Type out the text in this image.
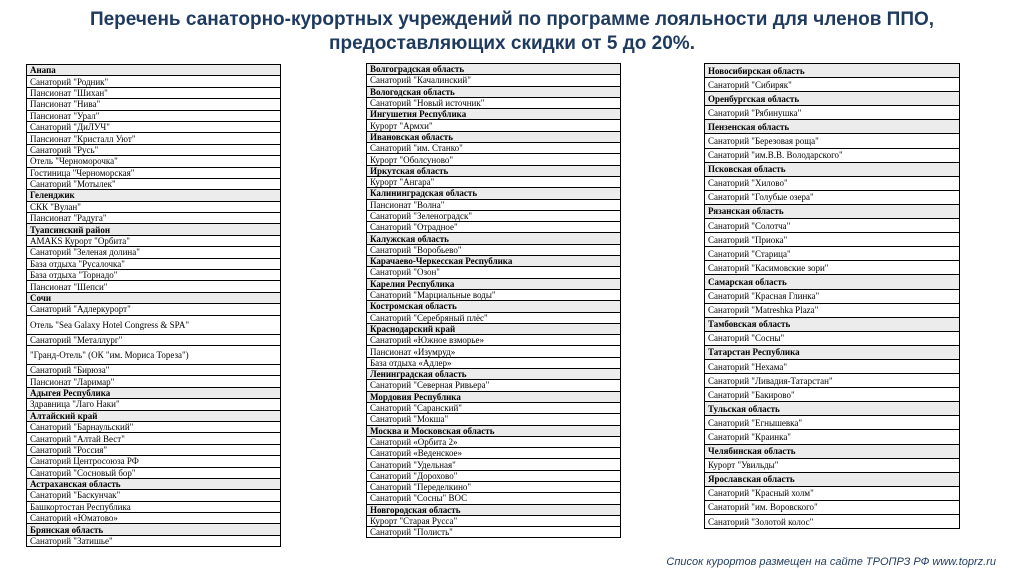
Перечень санаторно-курортных учреждений по программе лояльности для членов ППО,
предоставляющих скидки от 5 до 20%.
Анапа
Санаторий "Родник"
Пансионат "Шихан"
Пансионат "Нива"
Пансионат "Урал"
Санаторий "ДиЛУЧ"
Пансионат "Кристалл Уют"
Санаторий "Русь"
Отель "Черноморочка"
Гостиница "Черноморская"
Санаторий "Мотылек"
Геленджик
СКК "Вулан"
Пансионат "Радуга"
Туапсинский район
AMAKS Курорт "Орбита"
Санаторий "Зеленая долина"
База отдыха "Русалочка"
База отдыха "Торнадо"
Пансионат "Шепси"
Сочи
Санаторий "Адлеркурорт"
Отель "Sea Galaxy Hotel Congress & SPA"
Санаторий "Металлург"
"Гранд-Отель" (ОК "им. Мориса Тореза")
Санаторий "Бирюза"
Пансионат "Ларимар"
Адыгея Республика
Здравница "Лаго Наки"
Алтайский край
Санаторий "Барнаульский"
Санаторий "Алтай Вест"
Санаторий "Россия"
Санаторий Центросоюза РФ
Санаторий "Сосновый бор"
Астраханская область
Санаторий "Баскунчак"
Башкортостан Республика
Санаторий «Юматово»
Брянская область
Санаторий "Затишье"
Волгоградская область
Санаторий "Качалинский"
Вологодская область
Санаторий "Новый источник"
Ингушетия Республика
Курорт "Армхи"
Ивановская область
Санаторий "им. Станко"
Курорт "Оболсуново"
Иркутская область
Курорт "Ангара"
Калининградская область
Пансионат "Волна"
Санаторий "Зеленоградск"
Санаторий "Отрадное"
Калужская область
Санаторий "Воробьево"
Карачаево-Черкесская Республика
Санаторий "Озон"
Карелия Республика
Санаторий "Марциальные воды"
Костромская область
Санаторий "Серебряный плёс"
Краснодарский край
Санаторий «Южное взморье»
Пансионат «Изумруд»
База отдыха «Адлер»
Ленинградская область
Санаторий "Северная Ривьера"
Мордовия Республика
Санаторий "Саранский"
Санаторий "Мокша"
Москва и Московская область
Санаторий «Орбита 2»
Санаторий «Веденское»
Санаторий "Удельная"
Санаторий "Дорохово"
Санаторий "Переделкино"
Санаторий "Сосны" ВОС
Новгородская область
Курорт "Старая Русса"
Санаторий "Полисть"
Новосибирская область
Санаторий "Сибиряк"
Оренбургская область
Санаторий "Рябинушка"
Пензенская область
Санаторий "Березовая роща"
Санаторий "им.В.В. Володарского"
Псковская область
Санаторий "Хилово"
Санаторий "Голубые озера"
Рязанская область
Санаторий "Солотча"
Санаторий "Приока"
Санаторий "Старица"
Санаторий "Касимовские зори"
Самарская область
Санаторий "Красная Глинка"
Санаторий "Matreshka Plaza"
Тамбовская область
Санаторий "Сосны"
Татарстан Республика
Санаторий "Нехама"
Санаторий "Ливадия-Татарстан"
Санаторий "Бакирово"
Тульская область
Санаторий "Егнышевка"
Санаторий "Краинка"
Челябинская область
Курорт "Увильды"
Ярославская область
Санаторий "Красный холм"
Санаторий "им. Воровского"
Санаторий "Золотой колос"
Список курортов размещен на сайте ТРОПРЗ РФ www.toprz.ru
